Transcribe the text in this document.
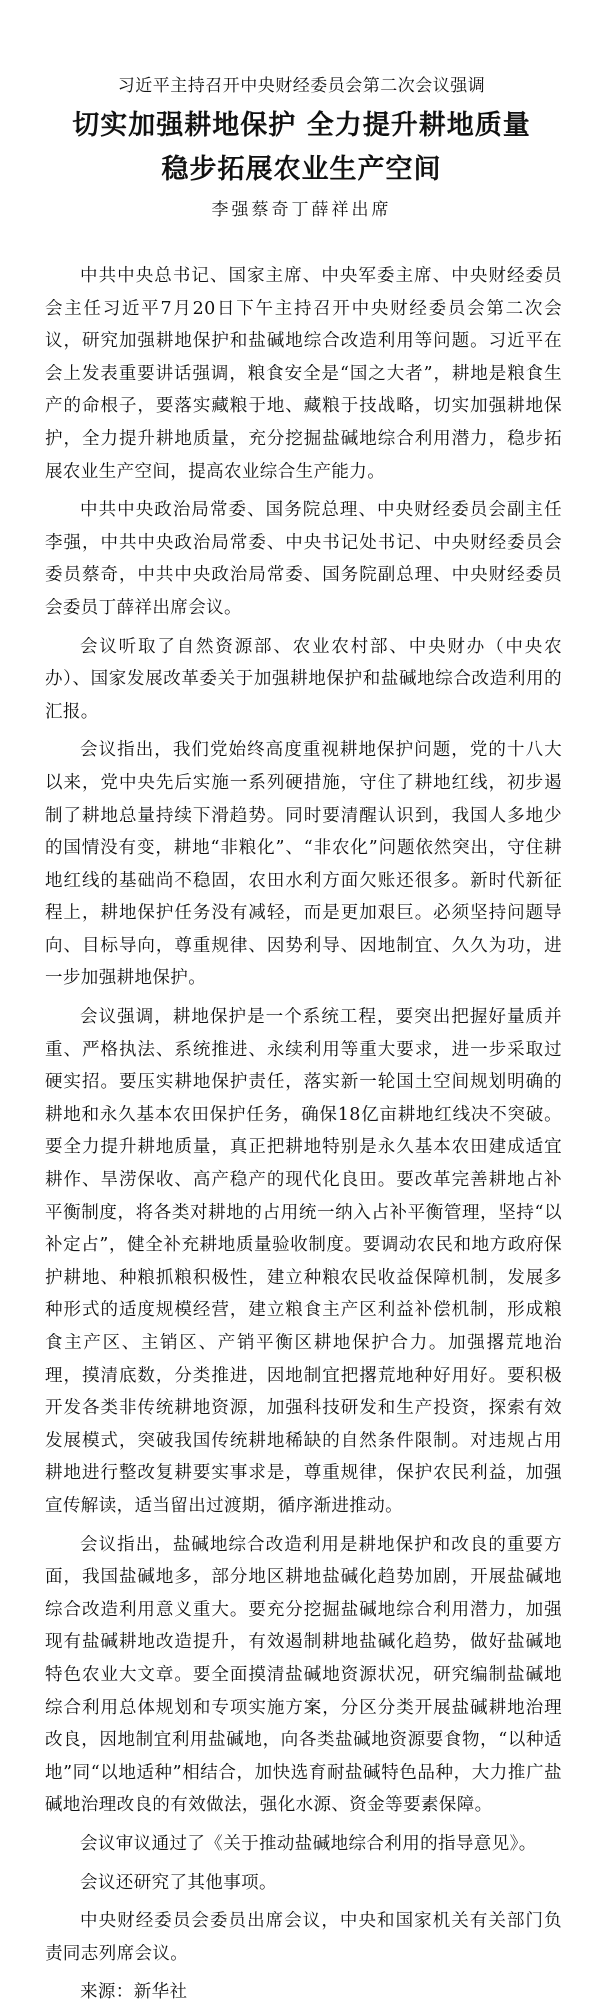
习近平主持召开中央财经委员会第二次会议强调

切实加强耕地保护 全力提升耕地质量
稳步拓展农业生产空间

李强蔡奇丁薛祥出席

中共中央总书记、国家主席、中央军委主席、中央财经委员会主任习近平7月20日下午主持召开中央财经委员会第二次会议，研究加强耕地保护和盐碱地综合改造利用等问题。习近平在会上发表重要讲话强调，粮食安全是“国之大者”，耕地是粮食生产的命根子，要落实藏粮于地、藏粮于技战略，切实加强耕地保护，全力提升耕地质量，充分挖掘盐碱地综合利用潜力，稳步拓展农业生产空间，提高农业综合生产能力。

中共中央政治局常委、国务院总理、中央财经委员会副主任李强，中共中央政治局常委、中央书记处书记、中央财经委员会委员蔡奇，中共中央政治局常委、国务院副总理、中央财经委员会委员丁薛祥出席会议。

会议听取了自然资源部、农业农村部、中央财办（中央农办）、国家发展改革委关于加强耕地保护和盐碱地综合改造利用的汇报。

会议指出，我们党始终高度重视耕地保护问题，党的十八大以来，党中央先后实施一系列硬措施，守住了耕地红线，初步遏制了耕地总量持续下滑趋势。同时要清醒认识到，我国人多地少的国情没有变，耕地“非粮化”、“非农化”问题依然突出，守住耕地红线的基础尚不稳固，农田水利方面欠账还很多。新时代新征程上，耕地保护任务没有减轻，而是更加艰巨。必须坚持问题导向、目标导向，尊重规律、因势利导、因地制宜、久久为功，进一步加强耕地保护。

会议强调，耕地保护是一个系统工程，要突出把握好量质并重、严格执法、系统推进、永续利用等重大要求，进一步采取过硬实招。要压实耕地保护责任，落实新一轮国土空间规划明确的耕地和永久基本农田保护任务，确保18亿亩耕地红线决不突破。要全力提升耕地质量，真正把耕地特别是永久基本农田建成适宜耕作、旱涝保收、高产稳产的现代化良田。要改革完善耕地占补平衡制度，将各类对耕地的占用统一纳入占补平衡管理，坚持“以补定占”，健全补充耕地质量验收制度。要调动农民和地方政府保护耕地、种粮抓粮积极性，建立种粮农民收益保障机制，发展多种形式的适度规模经营，建立粮食主产区利益补偿机制，形成粮食主产区、主销区、产销平衡区耕地保护合力。加强撂荒地治理，摸清底数，分类推进，因地制宜把撂荒地种好用好。要积极开发各类非传统耕地资源，加强科技研发和生产投资，探索有效发展模式，突破我国传统耕地稀缺的自然条件限制。对违规占用耕地进行整改复耕要实事求是，尊重规律，保护农民利益，加强宣传解读，适当留出过渡期，循序渐进推动。

会议指出，盐碱地综合改造利用是耕地保护和改良的重要方面，我国盐碱地多，部分地区耕地盐碱化趋势加剧，开展盐碱地综合改造利用意义重大。要充分挖掘盐碱地综合利用潜力，加强现有盐碱耕地改造提升，有效遏制耕地盐碱化趋势，做好盐碱地特色农业大文章。要全面摸清盐碱地资源状况，研究编制盐碱地综合利用总体规划和专项实施方案，分区分类开展盐碱耕地治理改良，因地制宜利用盐碱地，向各类盐碱地资源要食物，“以种适地”同“以地适种”相结合，加快选育耐盐碱特色品种，大力推广盐碱地治理改良的有效做法，强化水源、资金等要素保障。

会议审议通过了《关于推动盐碱地综合利用的指导意见》。

会议还研究了其他事项。

中央财经委员会委员出席会议，中央和国家机关有关部门负责同志列席会议。

来源：新华社
